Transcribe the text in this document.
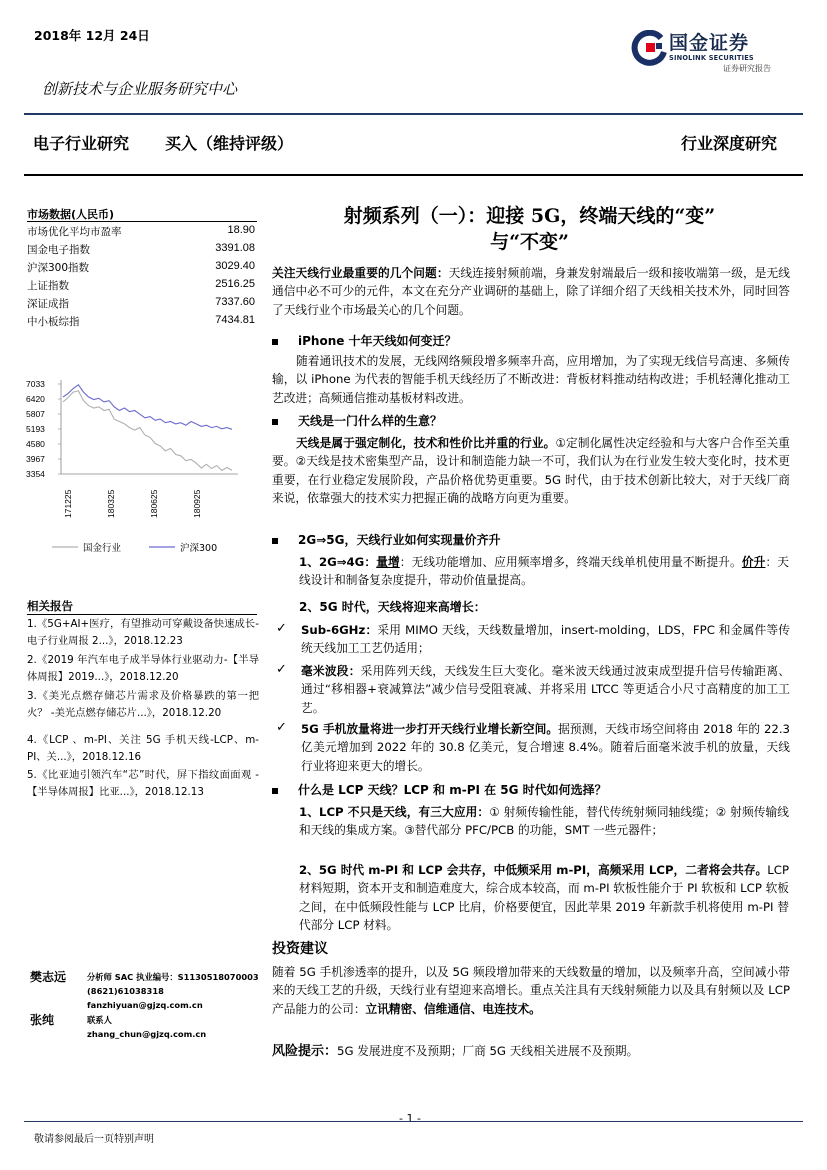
2018年 12月 24日	国金证券
SINOLINK SECURITIES
证券研究报告
创新技术与企业服务研究中心
电子行业研究 买入（维持评级）	行业深度研究
市场数据(人民币)
市场优化平均市盈率	18.90
国金电子指数	3391.08
沪深300指数	3029.40
上证指数	2516.25
深证成指	7337.60
中小板综指	7434.81
7033
6420
5807
5193
4580
3967
3354
171225	180325	180625	180925
国金行业	沪深300
相关报告
1.《5G+AI+医疗，有望推动可穿戴设备快速成长-电子行业周报 2...》，2018.12.23
2.《2019 年汽车电子成半导体行业驱动力-【半导体周报】2019...》，2018.12.20
3.《美光点燃存储芯片需求及价格暴跌的第一把火？ -美光点燃存储芯片...》，2018.12.20
4.《LCP 、m-PI、关注 5G 手机天线-LCP、m-PI、关...》，2018.12.16
5.《比亚迪引领汽车“芯”时代，屏下指纹面面观 -【半导体周报】比亚...》，2018.12.13
樊志远	分析师 SAC 执业编号：S1130518070003
(8621)61038318
fanzhiyuan@gjzq.com.cn
张纯	联系人
zhang_chun@gjzq.com.cn
射频系列（一）：迎接 5G，终端天线的“变”
与“不变”
关注天线行业最重要的几个问题：天线连接射频前端，身兼发射端最后一级和接收端第一级，是无线通信中必不可少的元件，本文在充分产业调研的基础上，除了详细介绍了天线相关技术外，同时回答了天线行业个市场最关心的几个问题。
iPhone 十年天线如何变迁？
随着通讯技术的发展，无线网络频段增多频率升高，应用增加，为了实现无线信号高速、多频传输，以 iPhone 为代表的智能手机天线经历了不断改进：背板材料推动结构改进；手机轻薄化推动工艺改进；高频通信推动基板材料改进。
天线是一门什么样的生意？
天线是属于强定制化，技术和性价比并重的行业。①定制化属性决定经验和与大客户合作至关重要。②天线是技术密集型产品，设计和制造能力缺一不可，我们认为在行业发生较大变化时，技术更重要，在行业稳定发展阶段，产品价格优势更重要。5G 时代，由于技术创新比较大，对于天线厂商来说，依靠强大的技术实力把握正确的战略方向更为重要。
2G⇒5G，天线行业如何实现量价齐升
1、2G⇒4G：量增：无线功能增加、应用频率增多，终端天线单机使用量不断提升。价升：天线设计和制备复杂度提升，带动价值量提高。
2、5G 时代，天线将迎来高增长：
✓ Sub-6GHz：采用 MIMO 天线，天线数量增加，insert-molding，LDS，FPC 和金属件等传统天线加工工艺仍适用；
✓ 毫米波段：采用阵列天线，天线发生巨大变化。毫米波天线通过波束成型提升信号传输距离、通过“移相器+衰减算法”减少信号受阻衰减、并将采用 LTCC 等更适合小尺寸高精度的加工工艺。
✓ 5G 手机放量将进一步打开天线行业增长新空间。据预测，天线市场空间将由 2018 年的 22.3 亿美元增加到 2022 年的 30.8 亿美元，复合增速 8.4%。随着后面毫米波手机的放量，天线行业将迎来更大的增长。
什么是 LCP 天线？LCP 和 m-PI 在 5G 时代如何选择？
1、LCP 不只是天线，有三大应用：① 射频传输性能，替代传统射频同轴线缆；② 射频传输线和天线的集成方案。③替代部分 PFC/PCB 的功能，SMT 一些元器件；
2、5G 时代 m-PI 和 LCP 会共存，中低频采用 m-PI，高频采用 LCP，二者将会共存。LCP 材料短期，资本开支和制造难度大，综合成本较高，而 m-PI 软板性能介于 PI 软板和 LCP 软板之间，在中低频段性能与 LCP 比肩，价格要便宜，因此苹果 2019 年新款手机将使用 m-PI 替代部分 LCP 材料。
投资建议
随着 5G 手机渗透率的提升，以及 5G 频段增加带来的天线数量的增加，以及频率升高，空间减小带来的天线工艺的升级，天线行业有望迎来高增长。重点关注具有天线射频能力以及具有射频以及 LCP 产品能力的公司：立讯精密、信维通信、电连技术。
风险提示：5G 发展进度不及预期；厂商 5G 天线相关进展不及预期。
- 1 -
敬请参阅最后一页特别声明
